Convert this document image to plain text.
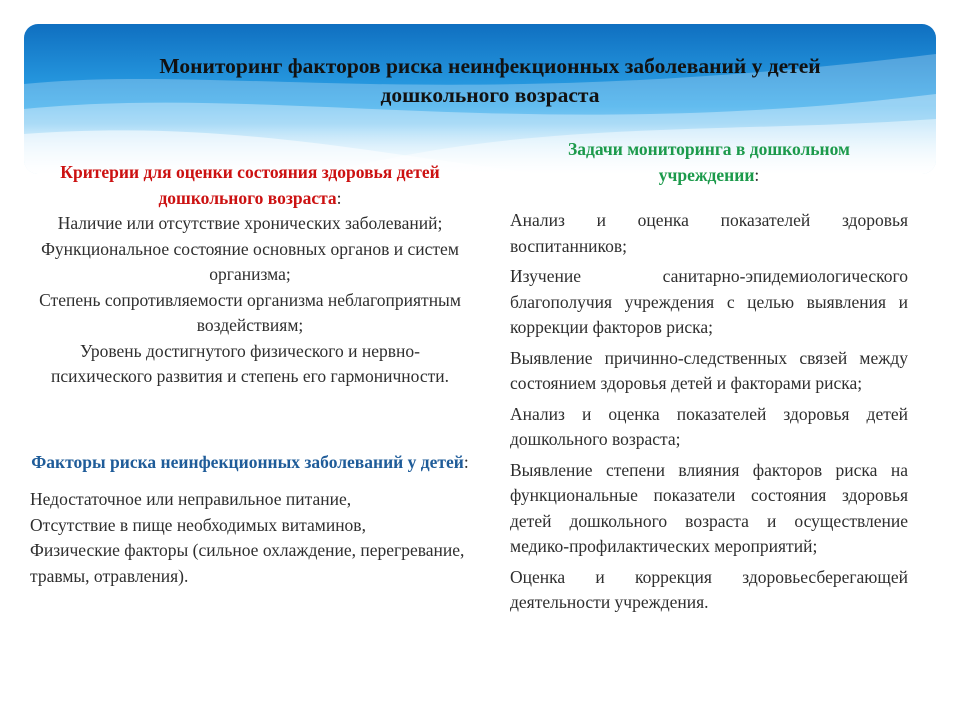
Мониторинг факторов риска неинфекционных заболеваний у детей дошкольного возраста
Критерии для оценки состояния здоровья детей дошкольного возраста:
Наличие или отсутствие хронических заболеваний;
Функциональное состояние основных органов и систем организма;
Степень сопротивляемости организма неблагоприятным воздействиям;
Уровень достигнутого физического и нервно-психического развития и степень его гармоничности.
Факторы риска неинфекционных заболеваний у детей:
Недостаточное или неправильное питание,
Отсутствие в пище необходимых витаминов,
Физические факторы (сильное охлаждение, перегревание, травмы, отравления).
Задачи мониторинга в дошкольном учреждении:
Анализ и оценка показателей здоровья воспитанников;
Изучение санитарно-эпидемиологического благополучия учреждения с целью выявления и коррекции факторов риска;
Выявление причинно-следственных связей между состоянием здоровья детей и факторами риска;
Анализ и оценка показателей здоровья детей дошкольного возраста;
Выявление степени влияния факторов риска на функциональные показатели состояния здоровья детей дошкольного возраста и осуществление медико-профилактических мероприятий;
Оценка и коррекция здоровьесберегающей деятельности учреждения.
